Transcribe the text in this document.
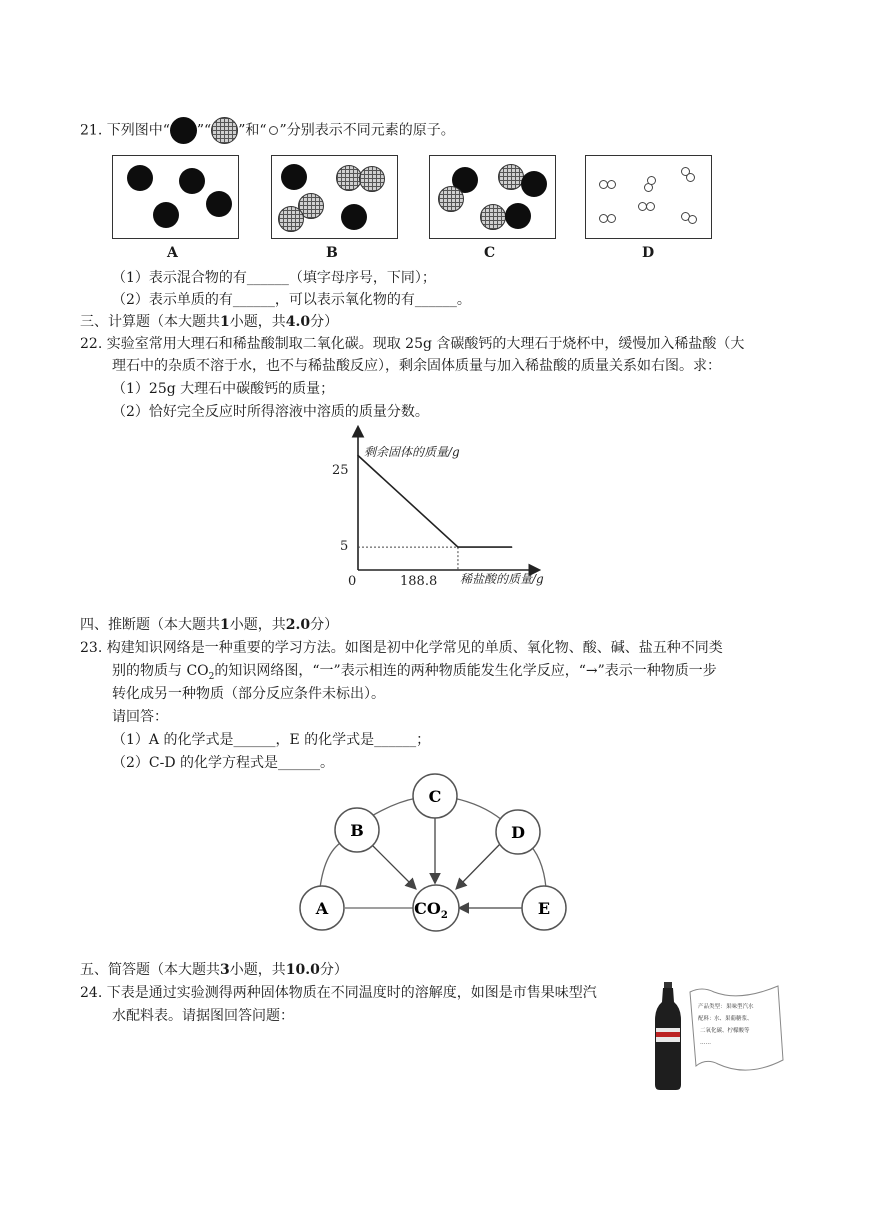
21. 下列图中“ ”“ ”和“ ”分别表示不同元素的原子。
A	B	C	D
（1）表示混合物的有______（填字母序号，下同）；
（2）表示单质的有______，可以表示氧化物的有______。
三、计算题（本大题共1小题，共4.0分）
22. 实验室常用大理石和稀盐酸制取二氧化碳。现取 25g 含碳酸钙的大理石于烧杯中，缓慢加入稀盐酸（大
理石中的杂质不溶于水，也不与稀盐酸反应），剩余固体质量与加入稀盐酸的质量关系如右图。求：
（1）25g 大理石中碳酸钙的质量；
（2）恰好完全反应时所得溶液中溶质的质量分数。
剩余固体的质量/g
稀盐酸的质量/g
0
25
5
188.8
四、推断题（本大题共1小题，共2.0分）
23. 构建知识网络是一种重要的学习方法。如图是初中化学常见的单质、氧化物、酸、碱、盐五种不同类
别的物质与 $CO_2$的知识网络图，“一”表示相连的两种物质能发生化学反应，“→”表示一种物质一步
转化成另一种物质（部分反应条件未标出）。
请回答：
（1）A 的化学式是______，E 的化学式是______；
（2）C-D 的化学方程式是______。
A
B
C
D
E
$CO_2$
五、简答题（本大题共3小题，共10.0分）
24. 下表是通过实验测得两种固体物质在不同温度时的溶解度，如图是市售果味型汽
水配料表。请据图回答问题：
产品类型： 果味型汽水
配料： 水、果葡糖浆、
二氧化碳、柠檬酸等
……
